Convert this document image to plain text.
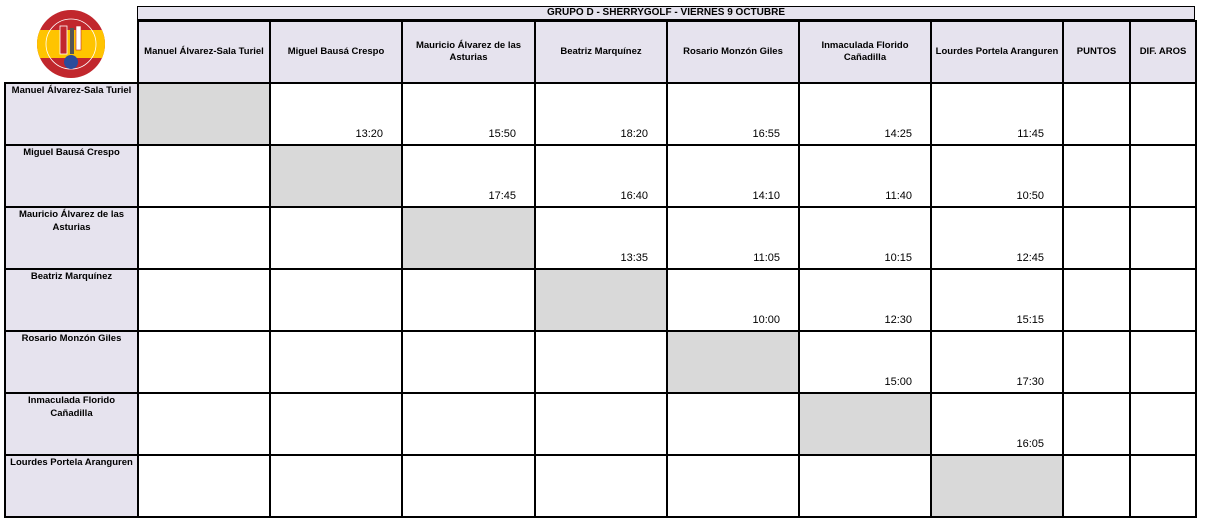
GRUPO D - SHERRYGOLF - VIERNES 9 OCTUBRE
	Manuel Álvarez-Sala Turiel	Miguel Bausá Crespo	Mauricio Álvarez de las Asturias	Beatriz Marquínez	Rosario Monzón Giles	Inmaculada Florido Cañadilla	Lourdes Portela Aranguren	PUNTOS	DIF. AROS
Manuel Álvarez-Sala Turiel		13:20	15:50	18:20	16:55	14:25	11:45		

Miguel Bausá Crespo			17:45	16:40	14:10	11:40	10:50		

Mauricio Álvarez de las Asturias				13:35	11:05	10:15	12:45		

Beatriz Marquínez					10:00	12:30	15:15		

Rosario Monzón Giles						15:00	17:30		

Inmaculada Florido Cañadilla							16:05		

Lourdes Portela Aranguren									
